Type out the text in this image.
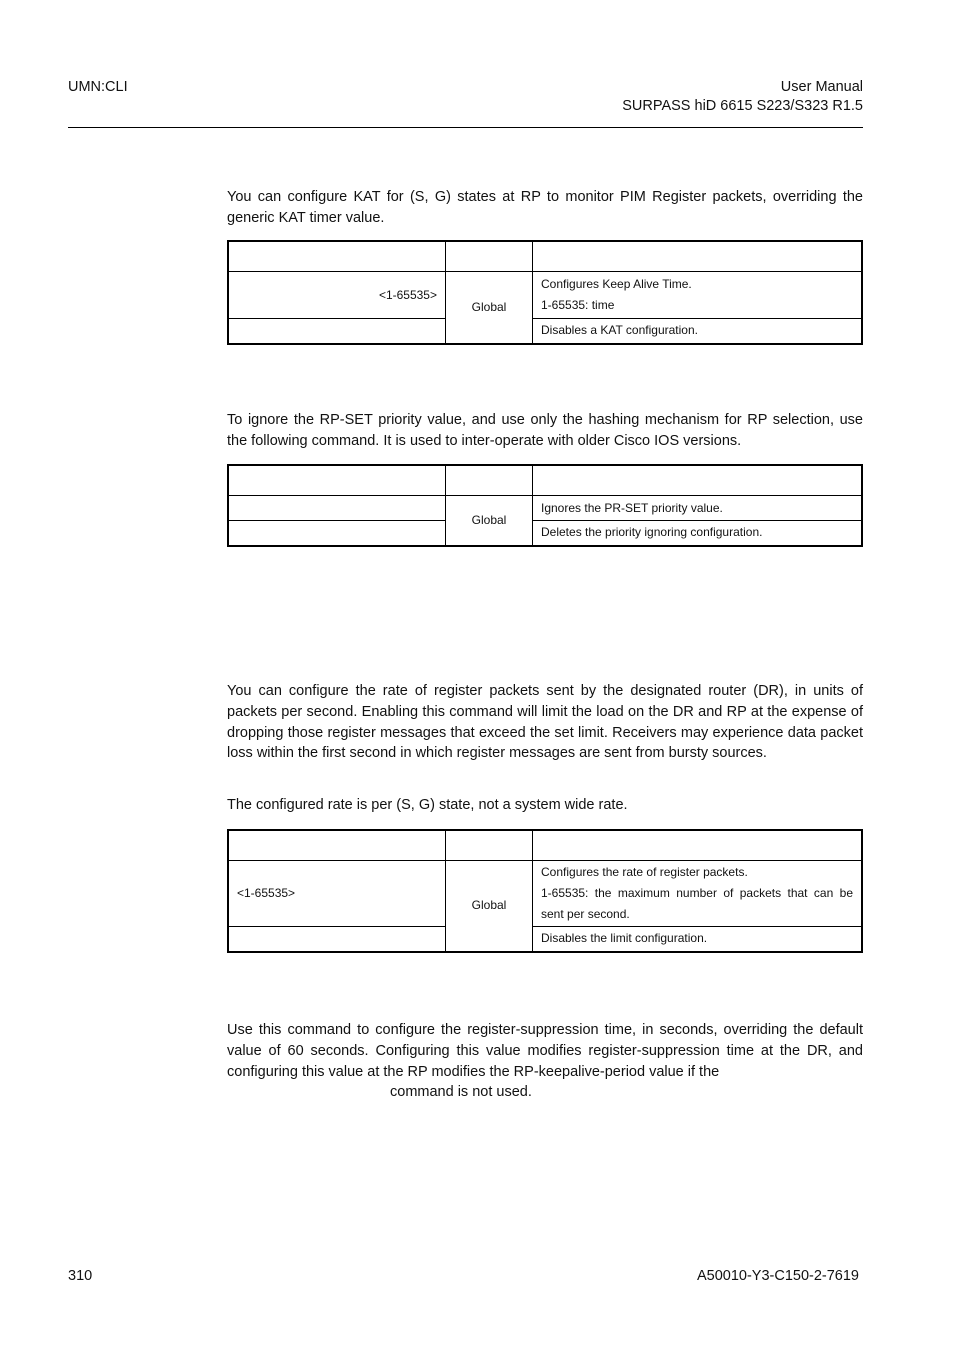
UMN:CLI	User Manual
SURPASS hiD 6615 S223/S323 R1.5

You can configure KAT for (S, G) states at RP to monitor PIM Register packets, overriding the generic KAT timer value.

<1-65535>	Global	Configures Keep Alive Time.
1-65535: time

		Disables a KAT configuration.

To ignore the RP-SET priority value, and use only the hashing mechanism for RP selection, use the following command. It is used to inter-operate with older Cisco IOS versions.

	Global	Ignores the PR-SET priority value.
		Deletes the priority ignoring configuration.

You can configure the rate of register packets sent by the designated router (DR), in units of packets per second. Enabling this command will limit the load on the DR and RP at the expense of dropping those register messages that exceed the set limit. Receivers may experience data packet loss within the first second in which register messages are sent from bursty sources.

The configured rate is per (S, G) state, not a system wide rate.

<1-65535>	Global	Configures the rate of register packets.
1-65535: the maximum number of packets that can be sent per second.

		Disables the limit configuration.

Use this command to configure the register-suppression time, in seconds, overriding the default value of 60 seconds. Configuring this value modifies register-suppression time at the DR, and configuring this value at the RP modifies the RP-keepalive-period value if the

command is not used.

310	A50010-Y3-C150-2-7619
